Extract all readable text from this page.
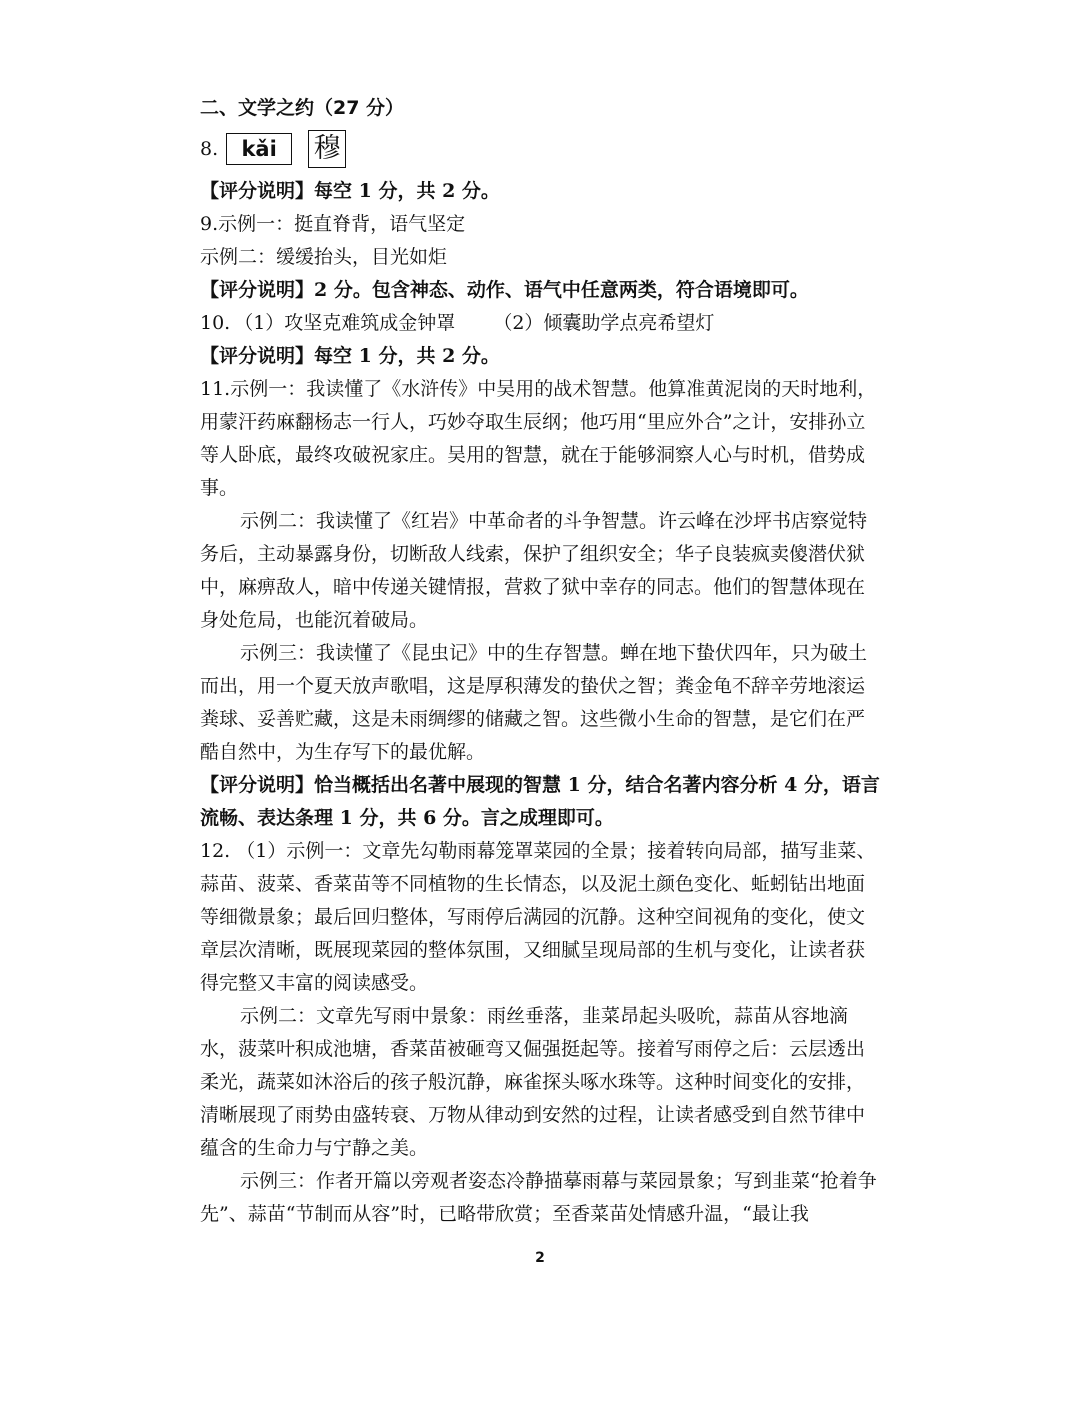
二、文学之约（27 分）
8.	kǎi	穆

【评分说明】每空 1 分，共 2 分。

9.示例一：挺直脊背，语气坚定

示例二：缓缓抬头，目光如炬

【评分说明】2 分。包含神态、动作、语气中任意两类，符合语境即可。

10. （1）攻坚克难筑成金钟罩 （2）倾囊助学点亮希望灯

【评分说明】每空 1 分，共 2 分。

11.示例一：我读懂了《水浒传》中吴用的战术智慧。他算准黄泥岗的天时地利，用蒙汗药麻翻杨志一行人，巧妙夺取生辰纲；他巧用“里应外合”之计，安排孙立等人卧底，最终攻破祝家庄。吴用的智慧，就在于能够洞察人心与时机，借势成事。

示例二：我读懂了《红岩》中革命者的斗争智慧。许云峰在沙坪书店察觉特务后，主动暴露身份，切断敌人线索，保护了组织安全；华子良装疯卖傻潜伏狱中，麻痹敌人，暗中传递关键情报，营救了狱中幸存的同志。他们的智慧体现在身处危局，也能沉着破局。

示例三：我读懂了《昆虫记》中的生存智慧。蝉在地下蛰伏四年，只为破土而出，用一个夏天放声歌唱，这是厚积薄发的蛰伏之智；粪金龟不辞辛劳地滚运粪球、妥善贮藏，这是未雨绸缪的储藏之智。这些微小生命的智慧，是它们在严酷自然中，为生存写下的最优解。

【评分说明】恰当概括出名著中展现的智慧 1 分，结合名著内容分析 4 分，语言流畅、表达条理 1 分，共 6 分。言之成理即可。

12. （1）示例一：文章先勾勒雨幕笼罩菜园的全景；接着转向局部，描写韭菜、蒜苗、菠菜、香菜苗等不同植物的生长情态，以及泥土颜色变化、蚯蚓钻出地面等细微景象；最后回归整体，写雨停后满园的沉静。这种空间视角的变化，使文章层次清晰，既展现菜园的整体氛围，又细腻呈现局部的生机与变化，让读者获得完整又丰富的阅读感受。

示例二：文章先写雨中景象：雨丝垂落，韭菜昂起头吸吮，蒜苗从容地滴水，菠菜叶积成池塘，香菜苗被砸弯又倔强挺起等。接着写雨停之后：云层透出柔光，蔬菜如沐浴后的孩子般沉静，麻雀探头啄水珠等。这种时间变化的安排，清晰展现了雨势由盛转衰、万物从律动到安然的过程，让读者感受到自然节律中蕴含的生命力与宁静之美。

示例三：作者开篇以旁观者姿态冷静描摹雨幕与菜园景象；写到韭菜“抢着争先”、蒜苗“节制而从容”时，已略带欣赏；至香菜苗处情感升温，“最让我

2
